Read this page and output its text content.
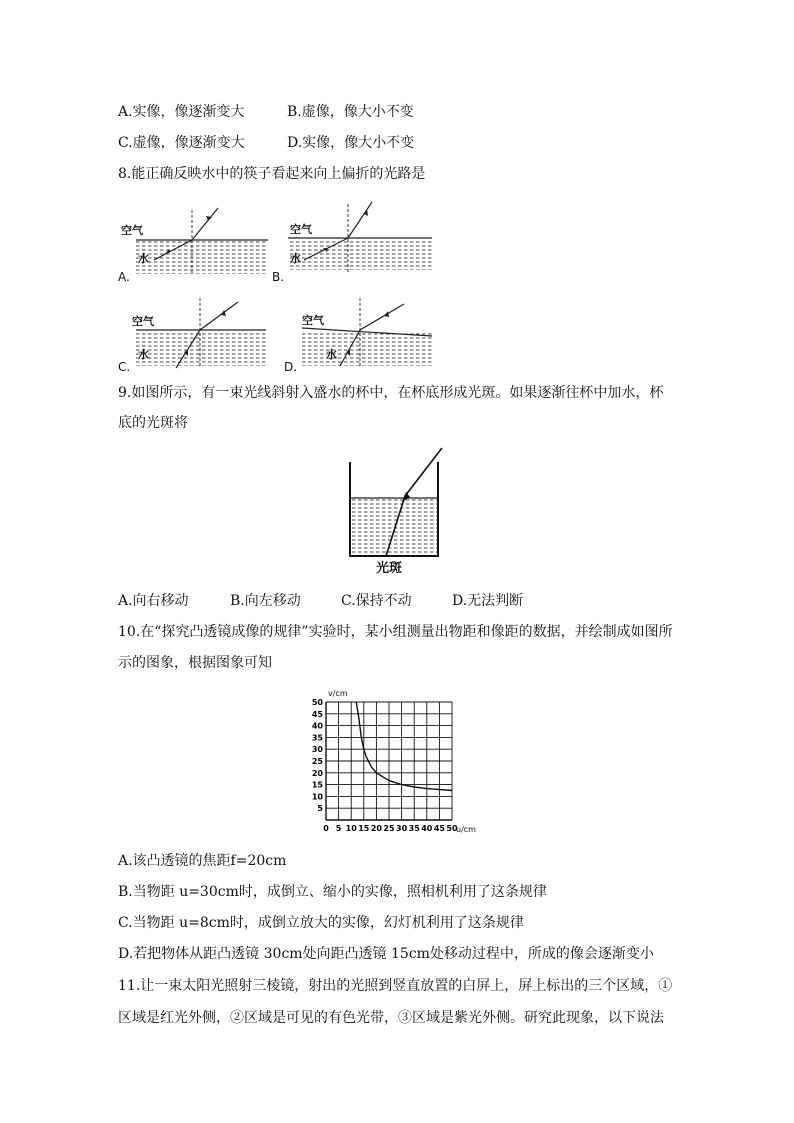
A.实像，像逐渐变大	B.虚像，像大小不变
C.虚像，像逐渐变大	D.实像，像大小不变
8.能正确反映水中的筷子看起来向上偏折的光路是
空气
水
A.
空气
水
B.
空气
水
C.
空气
水
D.
9.如图所示，有一束光线斜射入盛水的杯中，在杯底形成光斑。如果逐渐往杯中加水，杯
底的光斑将
光斑
A.向右移动	B.向左移动	C.保持不动	D.无法判断
10.在“探究凸透镜成像的规律”实验时，某小组测量出物距和像距的数据，并绘制成如图所
示的图象，根据图象可知
0 5 10 15 20 25 30 35 40 45 50
5
10
15
20
25
30
35
40
45
50
v/cm
u/cm
A.该凸透镜的焦距f=20cm
B.当物距 u=30cm时，成倒立、缩小的实像，照相机利用了这条规律
C.当物距 u=8cm时，成倒立放大的实像，幻灯机利用了这条规律
D.若把物体从距凸透镜 30cm处向距凸透镜 15cm处移动过程中，所成的像会逐渐变小
11.让一束太阳光照射三棱镜，射出的光照到竖直放置的白屏上，屏上标出的三个区域，①
区域是红光外侧，②区域是可见的有色光带，③区域是紫光外侧。研究此现象，以下说法
